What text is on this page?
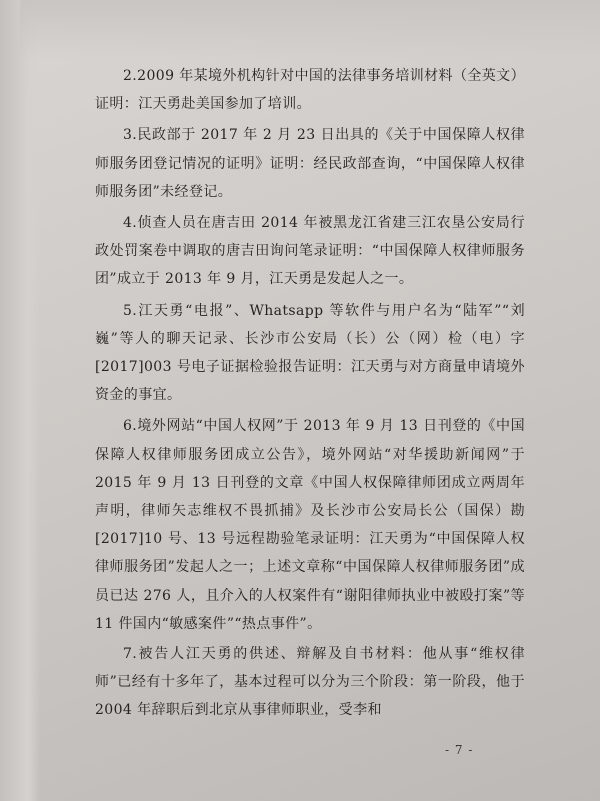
2.2009 年某境外机构针对中国的法律事务培训材料（全英文）证明：江天勇赴美国参加了培训。

3.民政部于 2017 年 2 月 23 日出具的《关于中国保障人权律师服务团登记情况的证明》证明：经民政部查询，“中国保障人权律师服务团”未经登记。

4.侦查人员在唐吉田 2014 年被黑龙江省建三江农垦公安局行政处罚案卷中调取的唐吉田询问笔录证明：“中国保障人权律师服务团”成立于 2013 年 9 月，江天勇是发起人之一。

5.江天勇“电报”、Whatsapp 等软件与用户名为“陆军”“刘巍”等人的聊天记录、长沙市公安局（长）公（网）检（电）字[2017]003 号电子证据检验报告证明：江天勇与对方商量申请境外资金的事宜。

6.境外网站“中国人权网”于 2013 年 9 月 13 日刊登的《中国保障人权律师服务团成立公告》，境外网站“对华援助新闻网”于 2015 年 9 月 13 日刊登的文章《中国人权保障律师团成立两周年声明，律师矢志维权不畏抓捕》及长沙市公安局长公（国保）勘[2017]10 号、13 号远程勘验笔录证明：江天勇为“中国保障人权律师服务团”发起人之一；上述文章称“中国保障人权律师服务团”成员已达 276 人，且介入的人权案件有“谢阳律师执业中被殴打案”等 11 件国内“敏感案件”“热点事件”。

7.被告人江天勇的供述、辩解及自书材料：他从事“维权律师”已经有十多年了，基本过程可以分为三个阶段：第一阶段，他于 2004 年辞职后到北京从事律师职业，受李和

- 7 -
